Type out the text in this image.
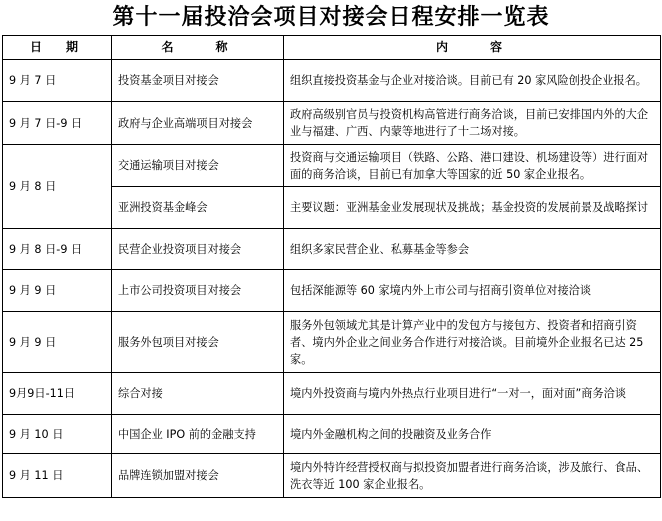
第十一届投洽会项目对接会日程安排一览表
日　期	名　　称	内　　容
9 月 7 日	投资基金项目对接会	组织直接投资基金与企业对接洽谈。目前已有 20 家风险创投企业报名。
9 月 7 日-9 日	政府与企业高端项目对接会	政府高级别官员与投资机构高管进行商务洽谈，目前已安排国内外的大企业与福建、广西、内蒙等地进行了十二场对接。
9 月 8 日	交通运输项目对接会	投资商与交通运输项目（铁路、公路、港口建设、机场建设等）进行面对面的商务洽谈，目前已有加拿大等国家的近 50 家企业报名。
	亚洲投资基金峰会	主要议题：亚洲基金业发展现状及挑战；基金投资的发展前景及战略探讨
9 月 8 日-9 日	民营企业投资项目对接会	组织多家民营企业、私募基金等参会
9 月 9 日	上市公司投资项目对接会	包括深能源等 60 家境内外上市公司与招商引资单位对接洽谈
9 月 9 日	服务外包项目对接会	服务外包领域尤其是计算产业中的发包方与接包方、投资者和招商引资者、境内外企业之间业务合作进行对接洽谈。目前境外企业报名已达 25 家。
9月9日-11日	综合对接	境内外投资商与境内外热点行业项目进行“一对一，面对面”商务洽谈
9 月 10 日	中国企业 IPO 前的金融支持	境内外金融机构之间的投融资及业务合作
9 月 11 日	品牌连锁加盟对接会	境内外特许经营授权商与拟投资加盟者进行商务洽谈，涉及旅行、食品、洗衣等近 100 家企业报名。
